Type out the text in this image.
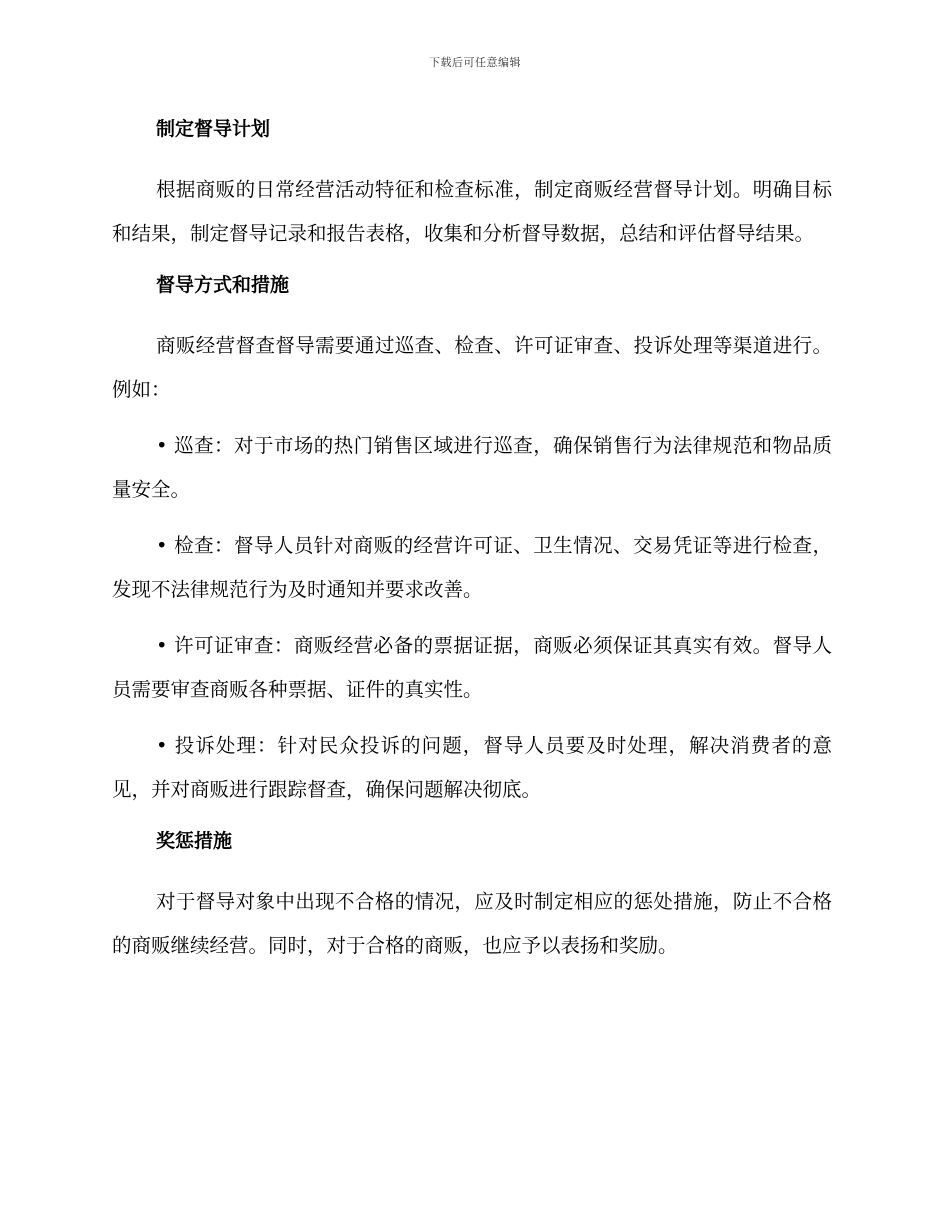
下载后可任意编辑
制定督导计划

根据商贩的日常经营活动特征和检查标准，制定商贩经营督导计划。明确目标和结果，制定督导记录和报告表格，收集和分析督导数据，总结和评估督导结果。

督导方式和措施

商贩经营督查督导需要通过巡查、检查、许可证审查、投诉处理等渠道进行。例如：

• 巡查：对于市场的热门销售区域进行巡查，确保销售行为法律规范和物品质量安全。

• 检查：督导人员针对商贩的经营许可证、卫生情况、交易凭证等进行检查，发现不法律规范行为及时通知并要求改善。

• 许可证审查：商贩经营必备的票据证据，商贩必须保证其真实有效。督导人员需要审查商贩各种票据、证件的真实性。

• 投诉处理：针对民众投诉的问题，督导人员要及时处理，解决消费者的意见，并对商贩进行跟踪督查，确保问题解决彻底。

奖惩措施

对于督导对象中出现不合格的情况，应及时制定相应的惩处措施，防止不合格的商贩继续经营。同时，对于合格的商贩，也应予以表扬和奖励。
